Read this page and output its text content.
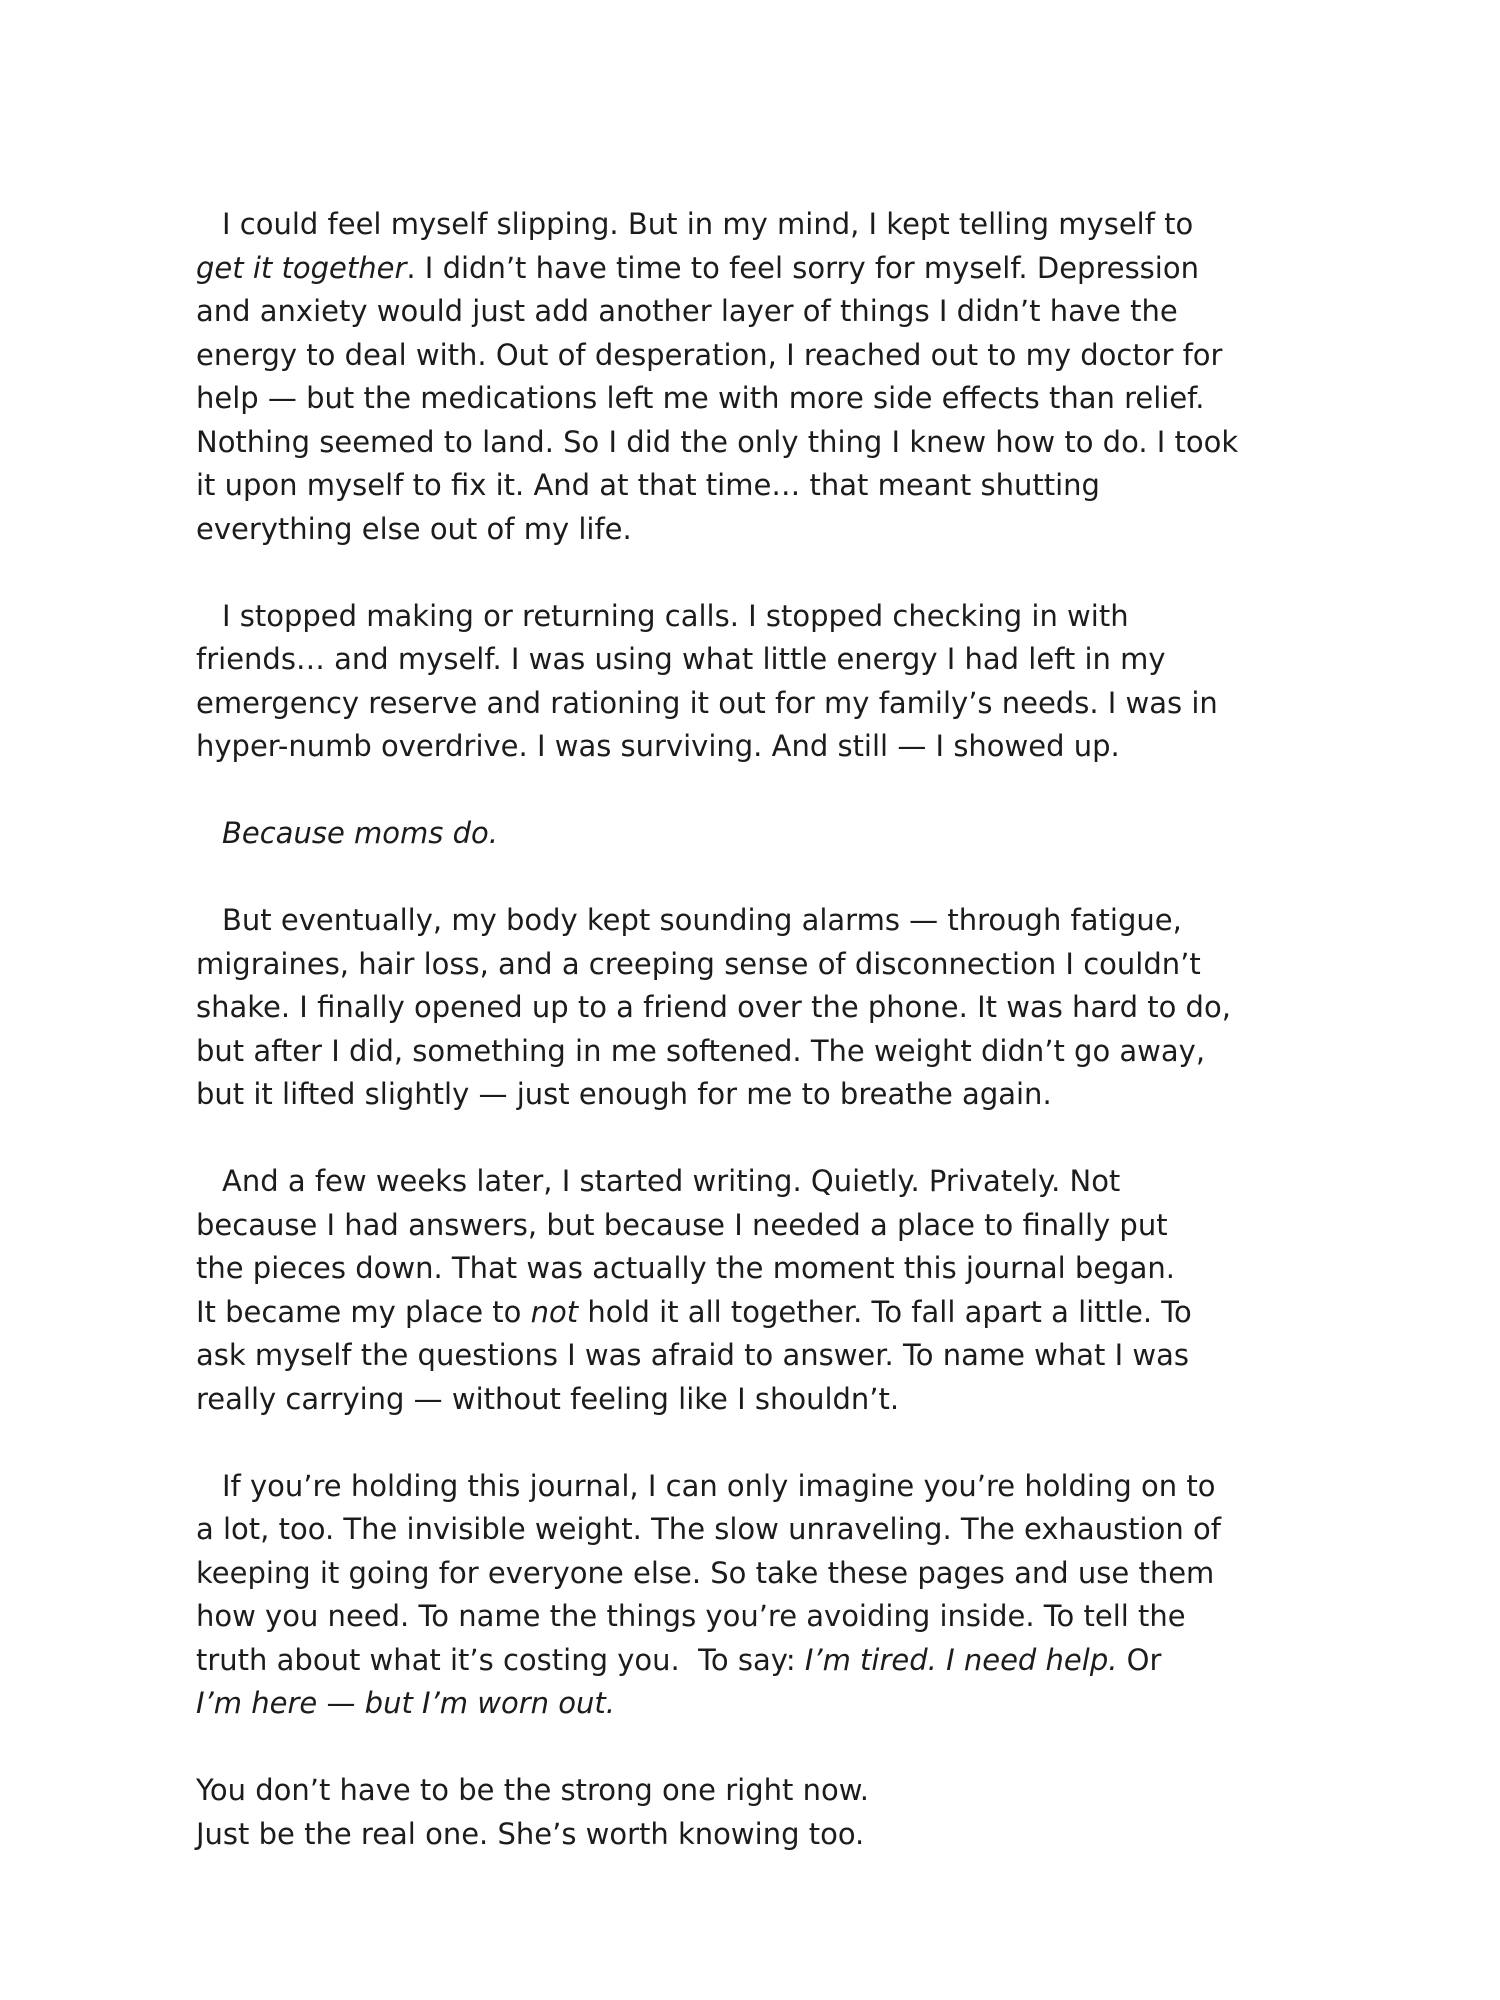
I could feel myself slipping. But in my mind, I kept telling myself to
get it together. I didn’t have time to feel sorry for myself. Depression
and anxiety would just add another layer of things I didn’t have the
energy to deal with. Out of desperation, I reached out to my doctor for
help — but the medications left me with more side effects than relief.
Nothing seemed to land. So I did the only thing I knew how to do. I took
it upon myself to fix it. And at that time… that meant shutting
everything else out of my life.
I stopped making or returning calls. I stopped checking in with
friends… and myself. I was using what little energy I had left in my
emergency reserve and rationing it out for my family’s needs. I was in
hyper-numb overdrive. I was surviving. And still — I showed up.
Because moms do.
But eventually, my body kept sounding alarms — through fatigue,
migraines, hair loss, and a creeping sense of disconnection I couldn’t
shake. I finally opened up to a friend over the phone. It was hard to do,
but after I did, something in me softened. The weight didn’t go away,
but it lifted slightly — just enough for me to breathe again.
And a few weeks later, I started writing. Quietly. Privately. Not
because I had answers, but because I needed a place to finally put
the pieces down. That was actually the moment this journal began.
It became my place to not hold it all together. To fall apart a little. To
ask myself the questions I was afraid to answer. To name what I was
really carrying — without feeling like I shouldn’t.
If you’re holding this journal, I can only imagine you’re holding on to
a lot, too. The invisible weight. The slow unraveling. The exhaustion of
keeping it going for everyone else. So take these pages and use them
how you need. To name the things you’re avoiding inside. To tell the
truth about what it’s costing you.  To say: I’m tired. I need help. Or
I’m here — but I’m worn out.
You don’t have to be the strong one right now.
Just be the real one. She’s worth knowing too.
